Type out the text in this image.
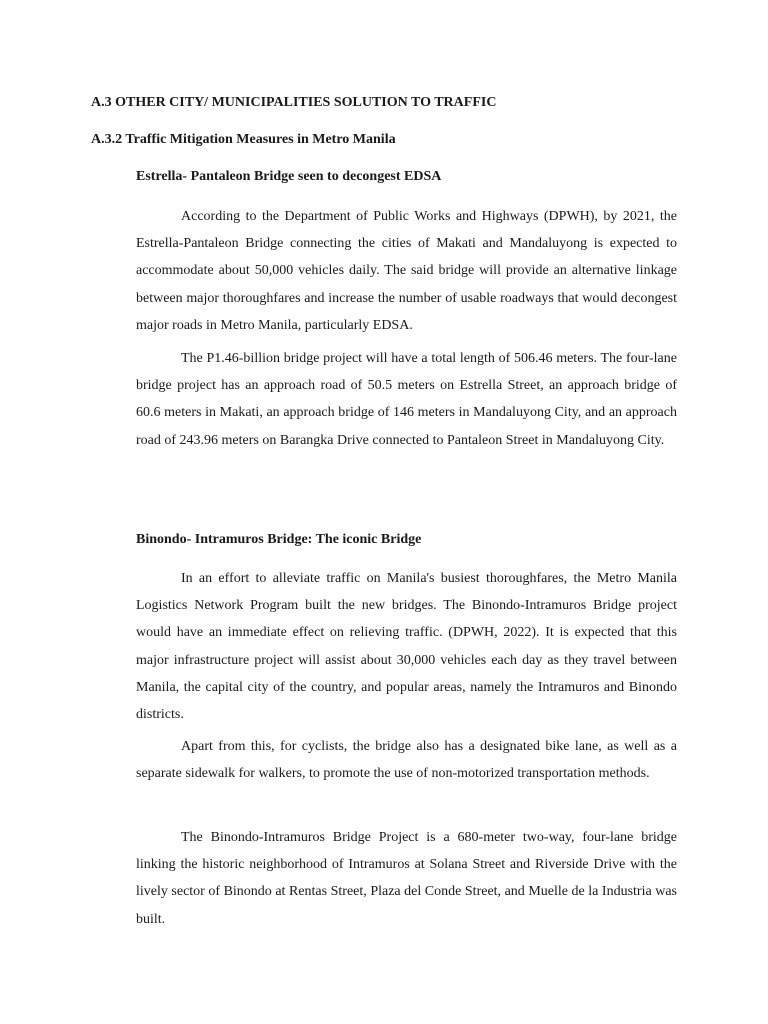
A.3 OTHER CITY/ MUNICIPALITIES SOLUTION TO TRAFFIC
A.3.2 Traffic Mitigation Measures in Metro Manila
Estrella- Pantaleon Bridge seen to decongest EDSA

According to the Department of Public Works and Highways (DPWH), by 2021, the Estrella-Pantaleon Bridge connecting the cities of Makati and Mandaluyong is expected to accommodate about 50,000 vehicles daily. The said bridge will provide an alternative linkage between major thoroughfares and increase the number of usable roadways that would decongest major roads in Metro Manila, particularly EDSA.

The P1.46-billion bridge project will have a total length of 506.46 meters. The four-lane bridge project has an approach road of 50.5 meters on Estrella Street, an approach bridge of 60.6 meters in Makati, an approach bridge of 146 meters in Mandaluyong City, and an approach road of 243.96 meters on Barangka Drive connected to Pantaleon Street in Mandaluyong City.

Binondo- Intramuros Bridge: The iconic Bridge

In an effort to alleviate traffic on Manila's busiest thoroughfares, the Metro Manila Logistics Network Program built the new bridges. The Binondo-Intramuros Bridge project would have an immediate effect on relieving traffic. (DPWH, 2022). It is expected that this major infrastructure project will assist about 30,000 vehicles each day as they travel between Manila, the capital city of the country, and popular areas, namely the Intramuros and Binondo districts.

Apart from this, for cyclists, the bridge also has a designated bike lane, as well as a separate sidewalk for walkers, to promote the use of non-motorized transportation methods.

The Binondo-Intramuros Bridge Project is a 680-meter two-way, four-lane bridge linking the historic neighborhood of Intramuros at Solana Street and Riverside Drive with the lively sector of Binondo at Rentas Street, Plaza del Conde Street, and Muelle de la Industria was built.
